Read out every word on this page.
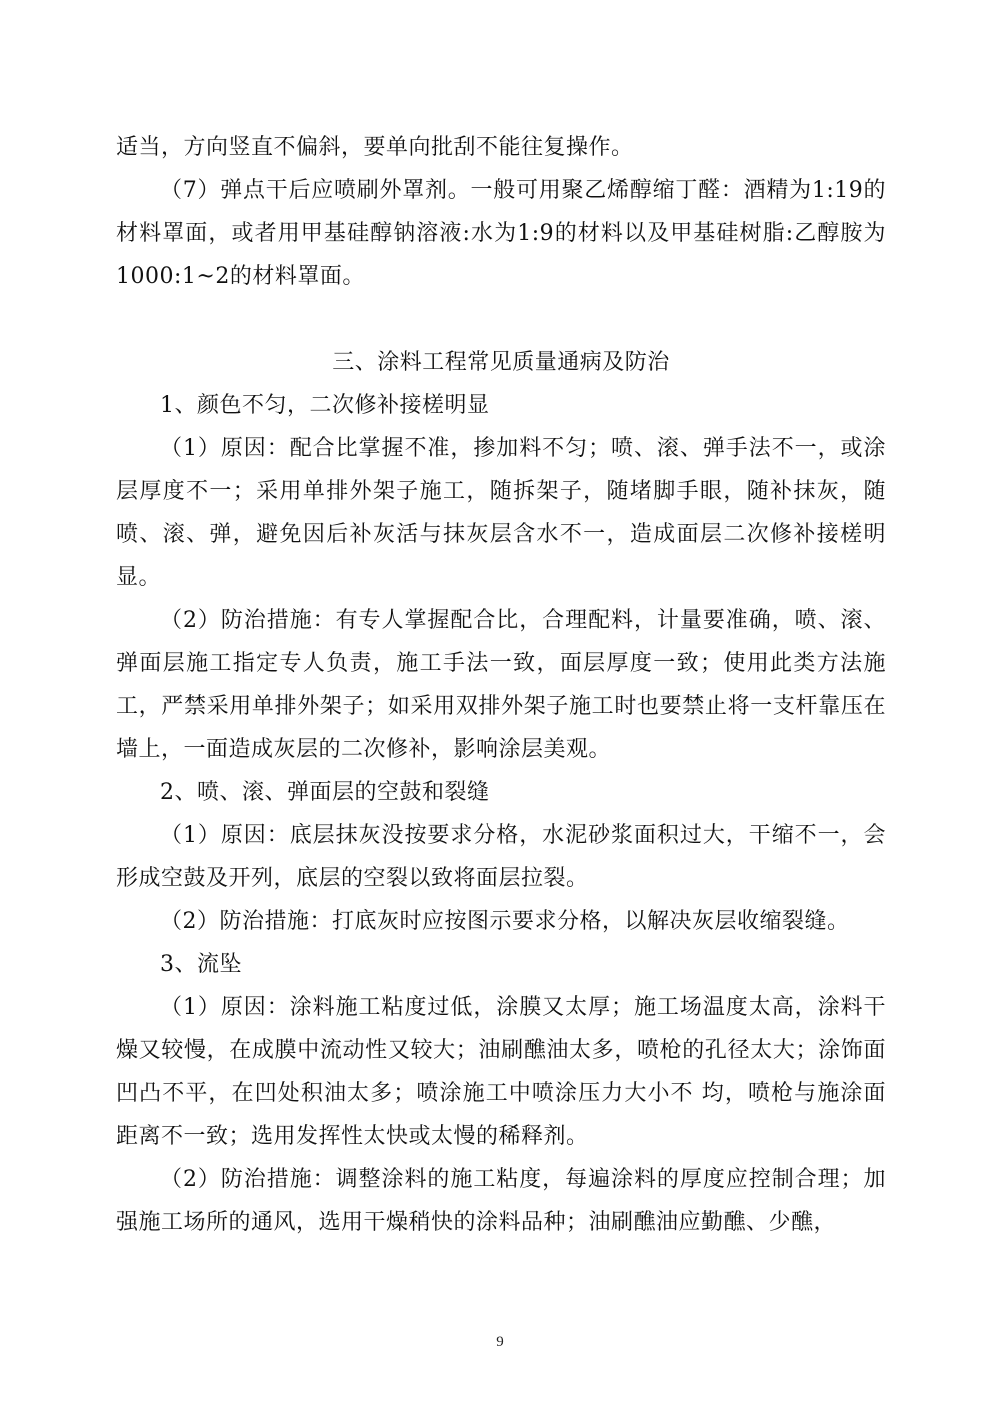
适当，方向竖直不偏斜，要单向批刮不能往复操作。

（7）弹点干后应喷刷外罩剂。一般可用聚乙烯醇缩丁醛：酒精为1:19的材料罩面，或者用甲基硅醇钠溶液:水为1:9的材料以及甲基硅树脂:乙醇胺为1000:1~2的材料罩面。

三、涂料工程常见质量通病及防治

1、颜色不匀，二次修补接槎明显

（1）原因：配合比掌握不准，掺加料不匀；喷、滚、弹手法不一，或涂层厚度不一；采用单排外架子施工，随拆架子，随堵脚手眼，随补抹灰，随喷、滚、弹，避免因后补灰活与抹灰层含水不一，造成面层二次修补接槎明显。

（2）防治措施：有专人掌握配合比，合理配料，计量要准确，喷、滚、弹面层施工指定专人负责，施工手法一致，面层厚度一致；使用此类方法施工，严禁采用单排外架子；如采用双排外架子施工时也要禁止将一支杆靠压在墙上，一面造成灰层的二次修补，影响涂层美观。

2、喷、滚、弹面层的空鼓和裂缝

（1）原因：底层抹灰没按要求分格，水泥砂浆面积过大，干缩不一，会形成空鼓及开列，底层的空裂以致将面层拉裂。

（2）防治措施：打底灰时应按图示要求分格，以解决灰层收缩裂缝。

3、流坠

（1）原因：涂料施工粘度过低，涂膜又太厚；施工场温度太高，涂料干燥又较慢，在成膜中流动性又较大；油刷醮油太多，喷枪的孔径太大；涂饰面凹凸不平，在凹处积油太多；喷涂施工中喷涂压力大小不 均，喷枪与施涂面距离不一致；选用发挥性太快或太慢的稀释剂。

（2）防治措施：调整涂料的施工粘度，每遍涂料的厚度应控制合理；加强施工场所的通风，选用干燥稍快的涂料品种；油刷醮油应勤醮、少醮，

9
